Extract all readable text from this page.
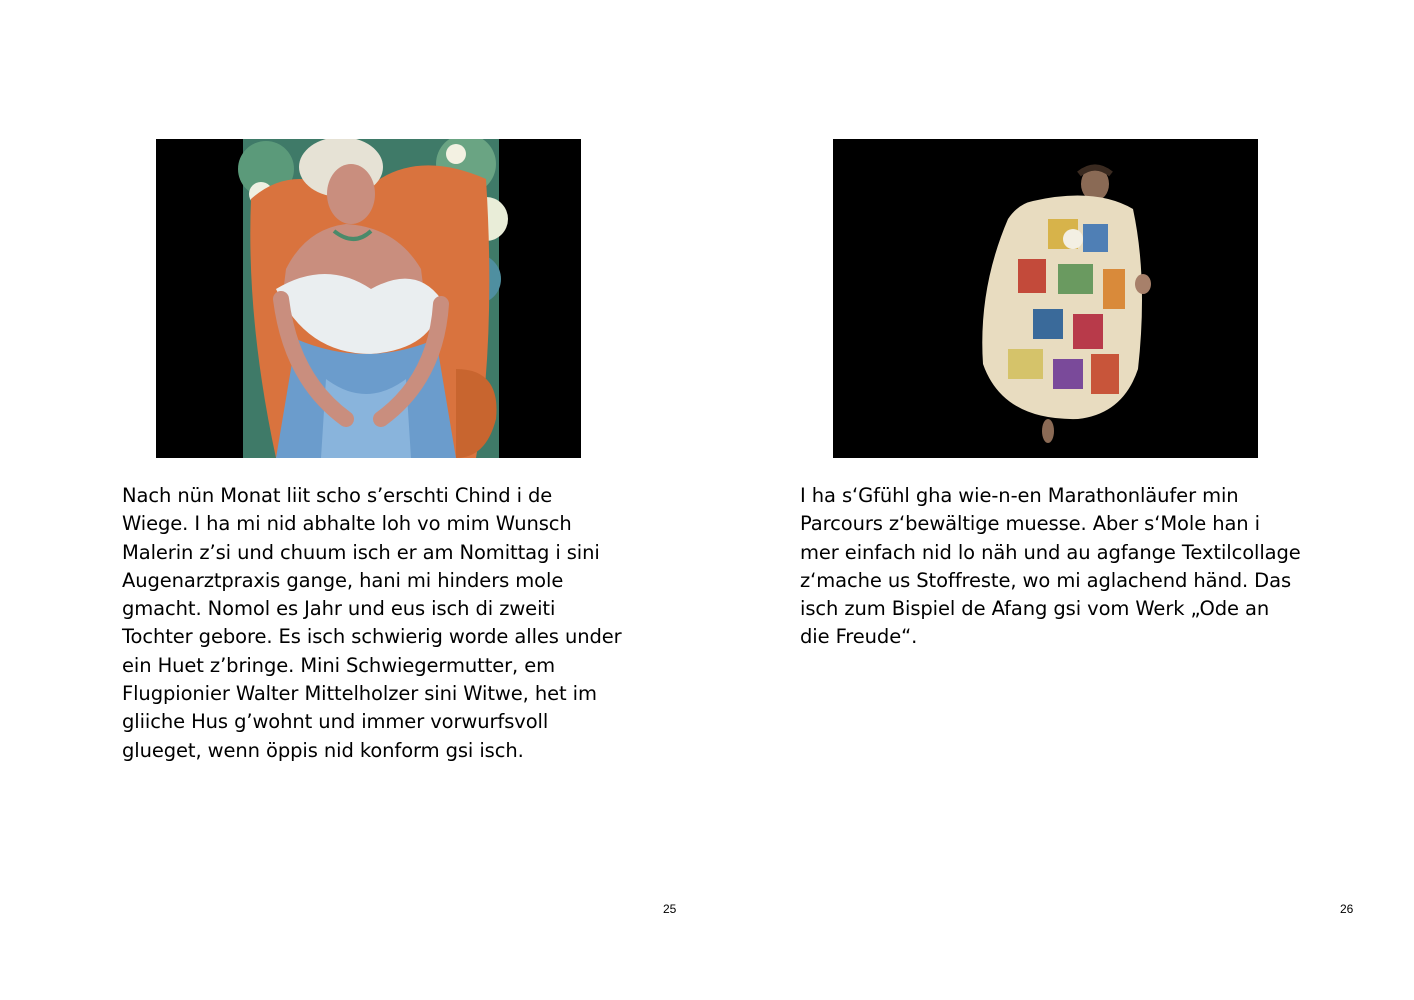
Nach nün Monat liit scho s’erschti Chind i de
Wiege. I ha mi nid abhalte loh vo mim Wunsch
Malerin z’si und chuum isch er am Nomittag i sini
Augenarztpraxis gange, hani mi hinders mole
gmacht. Nomol es Jahr und eus isch di zweiti
Tochter gebore. Es isch schwierig worde alles under
ein Huet z’bringe. Mini Schwiegermutter, em
Flugpionier Walter Mittelholzer sini Witwe, het im
gliiche Hus g’wohnt und immer vorwurfsvoll
glueget, wenn öppis nid konform gsi isch.

25

I ha s‘Gfühl gha wie-n-en Marathonläufer min
Parcours z‘bewältige muesse. Aber s‘Mole han i
mer einfach nid lo näh und au agfange Textilcollage
z‘mache us Stoffreste, wo mi aglachend händ. Das
isch zum Bispiel de Afang gsi vom Werk „Ode an
die Freude“.

26
